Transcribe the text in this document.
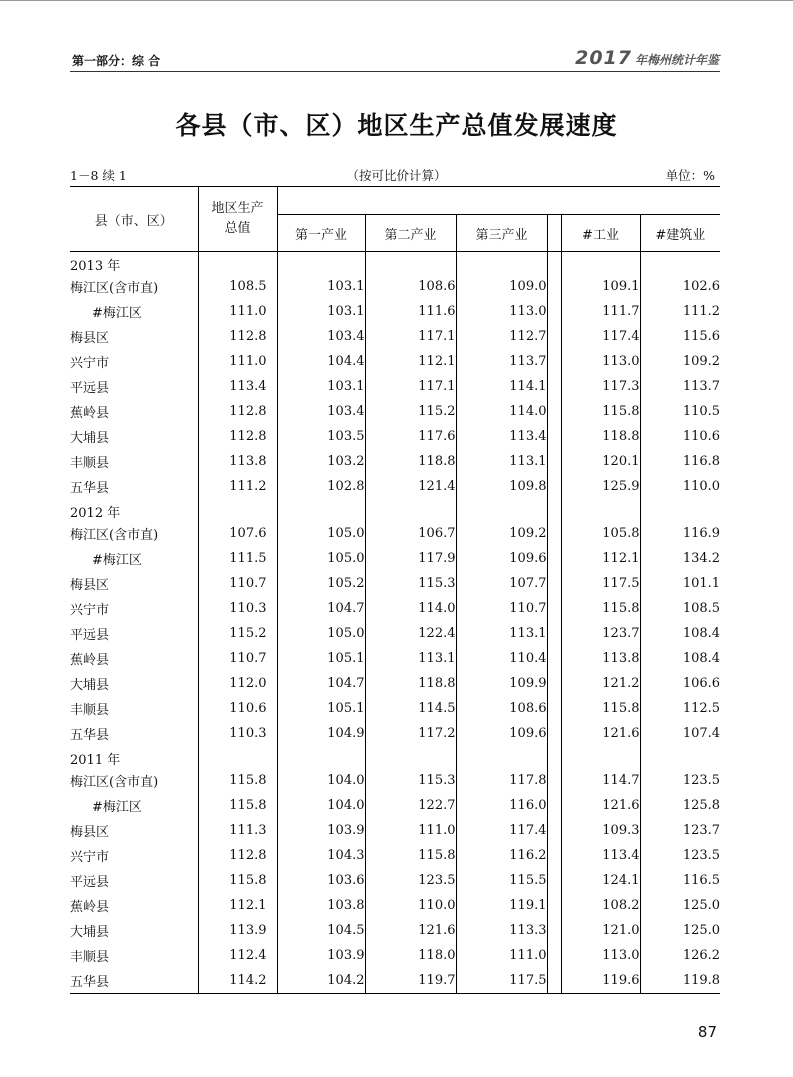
第一部分：综 合	2017 年梅州统计年鉴
各县（市、区）地区生产总值发展速度
1－8 续 1	（按可比价计算）	单位：%
县（市、区）	地区生产
总值						

		第一产业	第二产业	第三产业		#工业	#建筑业
2013 年							
梅江区(含市直)	108.5	103.1	108.6	109.0		109.1	102.6
#梅江区	111.0	103.1	111.6	113.0		111.7	111.2
梅县区	112.8	103.4	117.1	112.7		117.4	115.6
兴宁市	111.0	104.4	112.1	113.7		113.0	109.2
平远县	113.4	103.1	117.1	114.1		117.3	113.7
蕉岭县	112.8	103.4	115.2	114.0		115.8	110.5
大埔县	112.8	103.5	117.6	113.4		118.8	110.6
丰顺县	113.8	103.2	118.8	113.1		120.1	116.8
五华县	111.2	102.8	121.4	109.8		125.9	110.0
2012 年							
梅江区(含市直)	107.6	105.0	106.7	109.2		105.8	116.9
#梅江区	111.5	105.0	117.9	109.6		112.1	134.2
梅县区	110.7	105.2	115.3	107.7		117.5	101.1
兴宁市	110.3	104.7	114.0	110.7		115.8	108.5
平远县	115.2	105.0	122.4	113.1		123.7	108.4
蕉岭县	110.7	105.1	113.1	110.4		113.8	108.4
大埔县	112.0	104.7	118.8	109.9		121.2	106.6
丰顺县	110.6	105.1	114.5	108.6		115.8	112.5
五华县	110.3	104.9	117.2	109.6		121.6	107.4
2011 年							
梅江区(含市直)	115.8	104.0	115.3	117.8		114.7	123.5
#梅江区	115.8	104.0	122.7	116.0		121.6	125.8
梅县区	111.3	103.9	111.0	117.4		109.3	123.7
兴宁市	112.8	104.3	115.8	116.2		113.4	123.5
平远县	115.8	103.6	123.5	115.5		124.1	116.5
蕉岭县	112.1	103.8	110.0	119.1		108.2	125.0
大埔县	113.9	104.5	121.6	113.3		121.0	125.0
丰顺县	112.4	103.9	118.0	111.0		113.0	126.2
五华县	114.2	104.2	119.7	117.5		119.6	119.8
87
